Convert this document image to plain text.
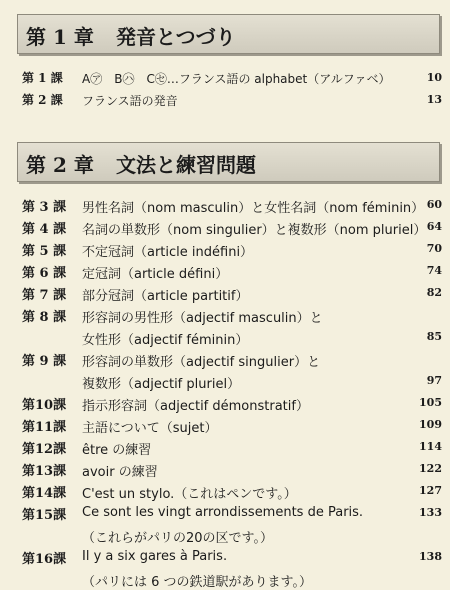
第 1 章 発音とつづり
第 1 課	A㋐　B㋩　C㋝…フランス語の alphabet（アルファベ）	10
第 2 課	フランス語の発音	13
第 2 章 文法と練習問題
第 3 課	男性名詞（nom masculin）と女性名詞（nom féminin） 60
第 4 課	名詞の単数形（nom singulier）と複数形（nom pluriel） 64
第 5 課	不定冠詞（article indéfini）	70
第 6 課	定冠詞（article défini）	74
第 7 課	部分冠詞（article partitif）	82
第 8 課	形容詞の男性形（adjectif masculin）と
女性形（adjectif féminin）	85
第 9 課	形容詞の単数形（adjectif singulier）と
複数形（adjectif pluriel）	97
第10課	指示形容詞（adjectif démonstratif）	105
第11課	主語について（sujet）	109
第12課	être の練習	114
第13課	avoir の練習	122
第14課	C'est un stylo.（これはペンです。）	127
第15課	Ce sont les vingt arrondissements de Paris.	133
（これらがパリの20の区です。）
第16課	Il y a six gares à Paris.	138
（パリには 6 つの鉄道駅があります。）
